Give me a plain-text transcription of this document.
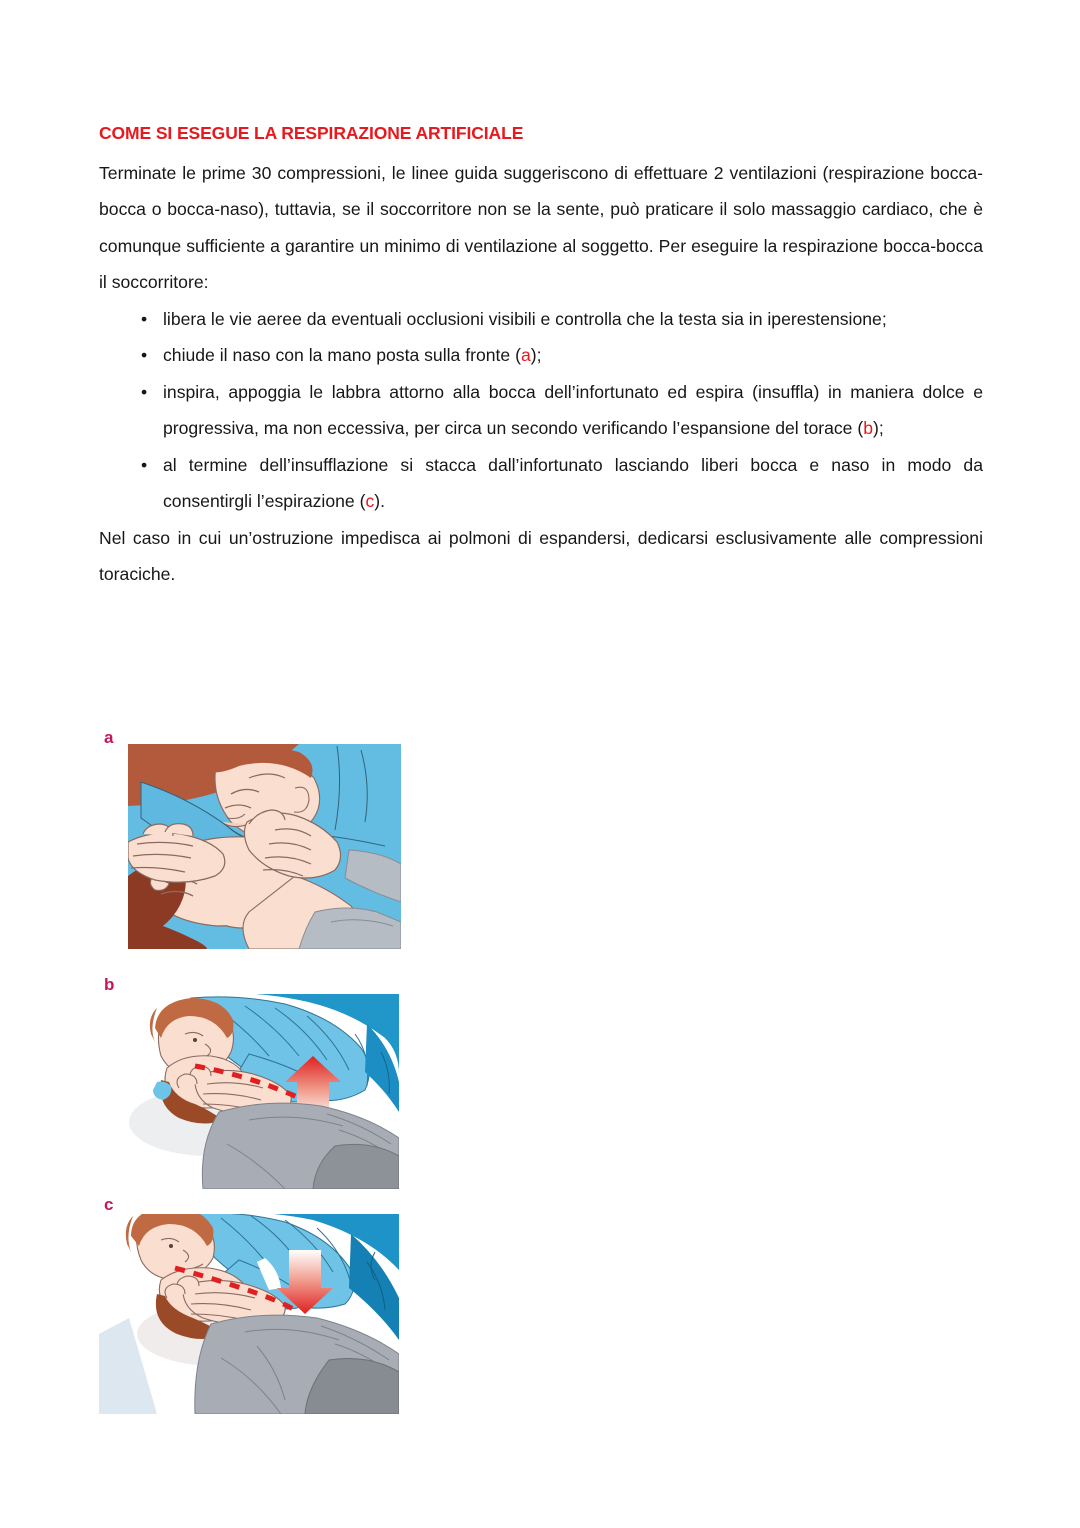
COME SI ESEGUE LA RESPIRAZIONE ARTIFICIALE

Terminate le prime 30 compressioni, le linee guida suggeriscono di effettuare 2 ventilazioni (respirazione bocca-bocca o bocca-naso), tuttavia, se il soccorritore non se la sente, può praticare il solo massaggio cardiaco, che è comunque sufficiente a garantire un minimo di ventilazione al soggetto. Per eseguire la respirazione bocca-bocca il soccorritore:

• libera le vie aeree da eventuali occlusioni visibili e controlla che la testa sia in iperestensione;
• chiude il naso con la mano posta sulla fronte (a);
• inspira, appoggia le labbra attorno alla bocca dell’infortunato ed espira (insuffla) in maniera dolce e progressiva, ma non eccessiva, per circa un secondo verificando l’espansione del torace (b);
• al termine dell’insufflazione si stacca dall’infortunato lasciando liberi bocca e naso in modo da consentirgli l’espirazione (c).

Nel caso in cui un’ostruzione impedisca ai polmoni di espandersi, dedicarsi esclusivamente alle compressioni toraciche.

b
c
